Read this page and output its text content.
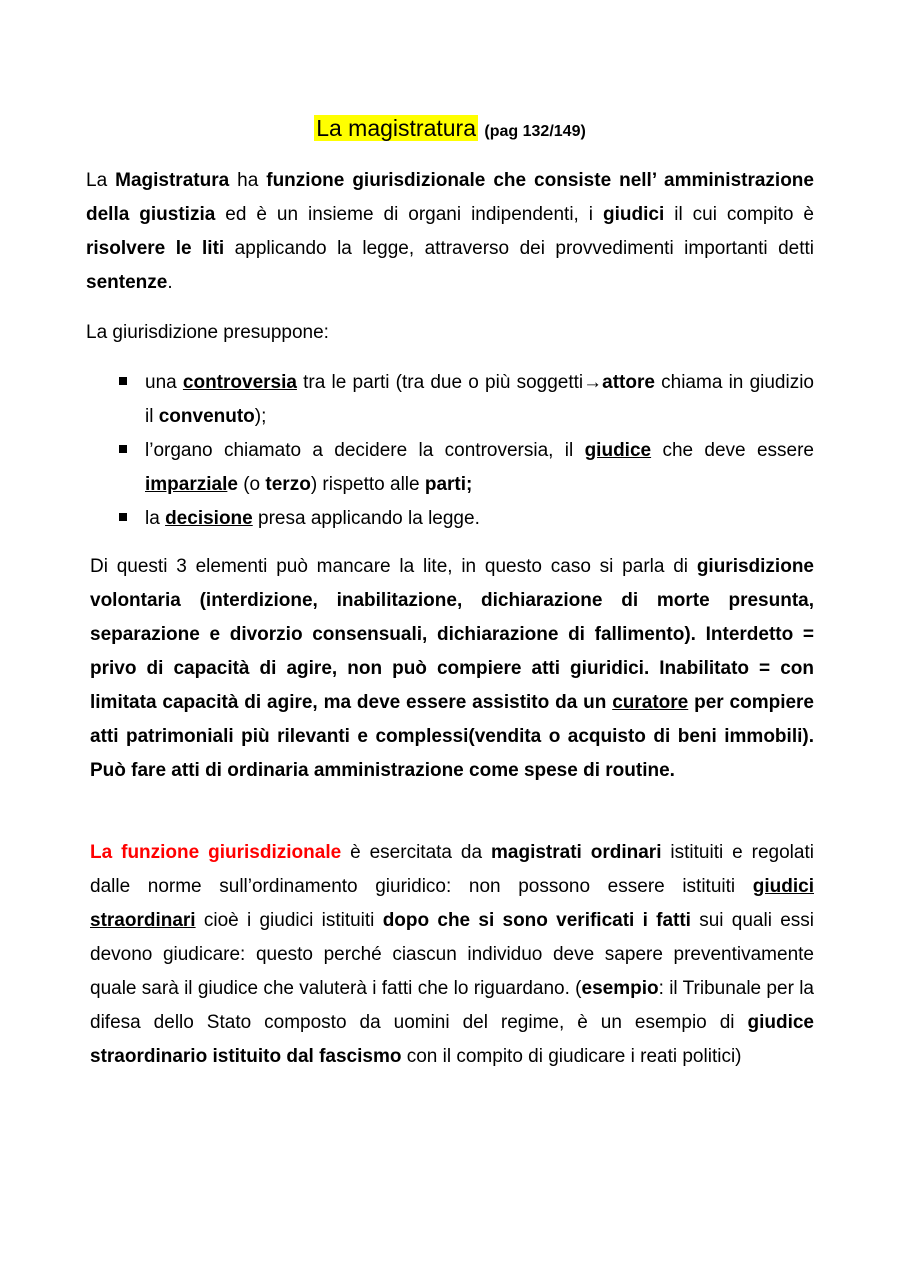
La magistratura (pag 132/149)

La Magistratura ha funzione giurisdizionale che consiste nell’ amministrazione della giustizia ed è un insieme di organi indipendenti, i giudici il cui compito è risolvere le liti applicando la legge, attraverso dei provvedimenti importanti detti sentenze.

La giurisdizione presuppone:

una controversia tra le parti (tra due o più soggetti→attore chiama in giudizio il convenuto);
l’organo chiamato a decidere la controversia, il giudice che deve essere imparziale (o terzo) rispetto alle parti;
la decisione presa applicando la legge.

Di questi 3 elementi può mancare la lite, in questo caso si parla di giurisdizione volontaria (interdizione, inabilitazione, dichiarazione di morte presunta, separazione e divorzio consensuali, dichiarazione di fallimento). Interdetto = privo di capacità di agire, non può compiere atti giuridici. Inabilitato = con limitata capacità di agire, ma deve essere assistito da un curatore per compiere atti patrimoniali più rilevanti e complessi(vendita o acquisto di beni immobili). Può fare atti di ordinaria amministrazione come spese di routine.

La funzione giurisdizionale è esercitata da magistrati ordinari istituiti e regolati dalle norme sull’ordinamento giuridico: non possono essere istituiti giudici straordinari cioè i giudici istituiti dopo che si sono verificati i fatti sui quali essi devono giudicare: questo perché ciascun individuo deve sapere preventivamente quale sarà il giudice che valuterà i fatti che lo riguardano. (esempio: il Tribunale per la difesa dello Stato composto da uomini del regime, è un esempio di giudice straordinario istituito dal fascismo con il compito di giudicare i reati politici)
